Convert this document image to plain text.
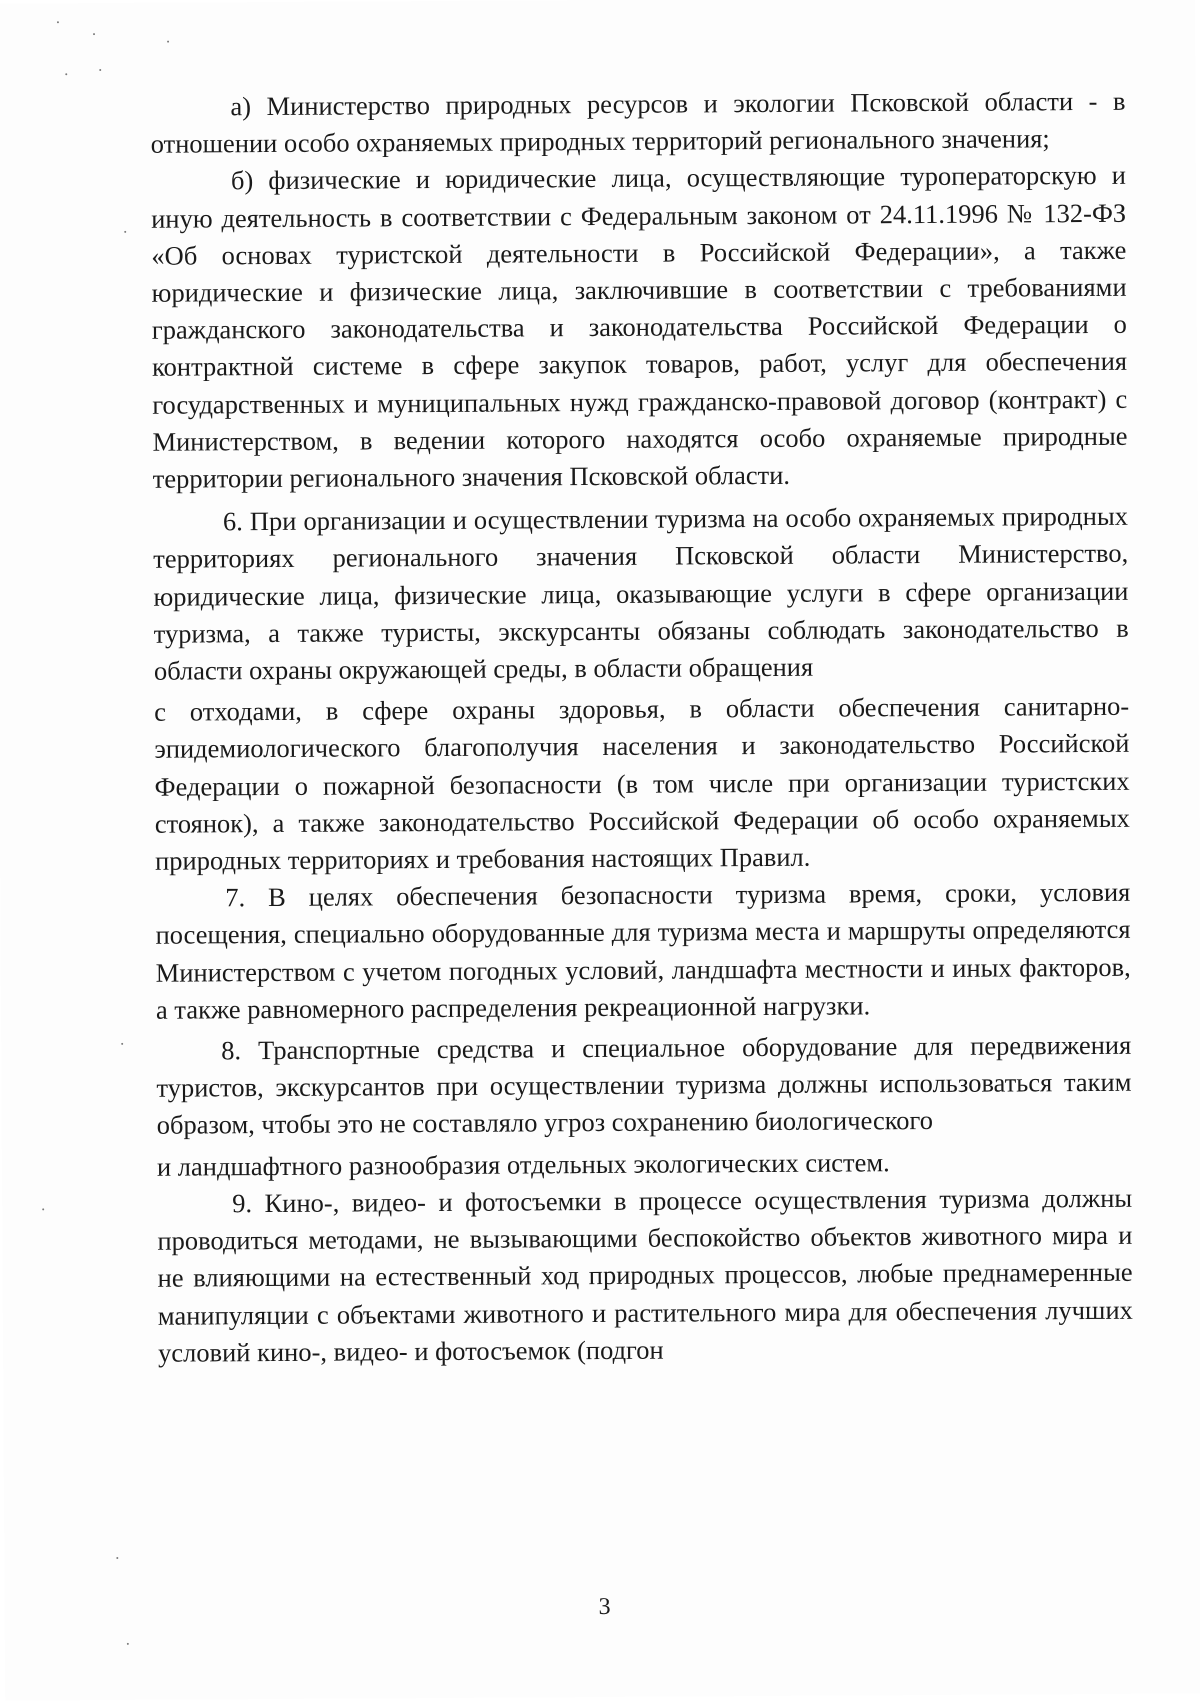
а) Министерство природных ресурсов и экологии Псковской области - в отношении особо охраняемых природных территорий регионального значения;

б) физические и юридические лица, осуществляющие туроператорскую и иную деятельность в соответствии с Федеральным законом от 24.11.1996 № 132-ФЗ «Об основах туристской деятельности в Российской Федерации», а также юридические и физические лица, заключившие в соответствии с требованиями гражданского законодательства и законодательства Российской Федерации о контрактной системе в сфере закупок товаров, работ, услуг для обеспечения государственных и муниципальных нужд гражданско-правовой договор (контракт) с Министерством, в ведении которого находятся особо охраняемые природные территории регионального значения Псковской области.

6. При организации и осуществлении туризма на особо охраняемых природных территориях регионального значения Псковской области Министерство, юридические лица, физические лица, оказывающие услуги в сфере организации туризма, а также туристы, экскурсанты обязаны соблюдать законодательство в области охраны окружающей среды, в области обращения

с отходами, в сфере охраны здоровья, в области обеспечения санитарно-эпидемиологического благополучия населения и законодательство Российской Федерации о пожарной безопасности (в том числе при организации туристских стоянок), а также законодательство Российской Федерации об особо охраняемых природных территориях и требования настоящих Правил.

7. В целях обеспечения безопасности туризма время, сроки, условия посещения, специально оборудованные для туризма места и маршруты определяются Министерством с учетом погодных условий, ландшафта местности и иных факторов, а также равномерного распределения рекреационной нагрузки.

8. Транспортные средства и специальное оборудование для передвижения туристов, экскурсантов при осуществлении туризма должны использоваться таким образом, чтобы это не составляло угроз сохранению биологического

и ландшафтного разнообразия отдельных экологических систем.

9. Кино-, видео- и фотосъемки в процессе осуществления туризма должны проводиться методами, не вызывающими беспокойство объектов животного мира и не влияющими на естественный ход природных процессов, любые преднамеренные манипуляции с объектами животного и растительного мира для обеспечения лучших условий кино-, видео- и фотосъемок (подгон

3
